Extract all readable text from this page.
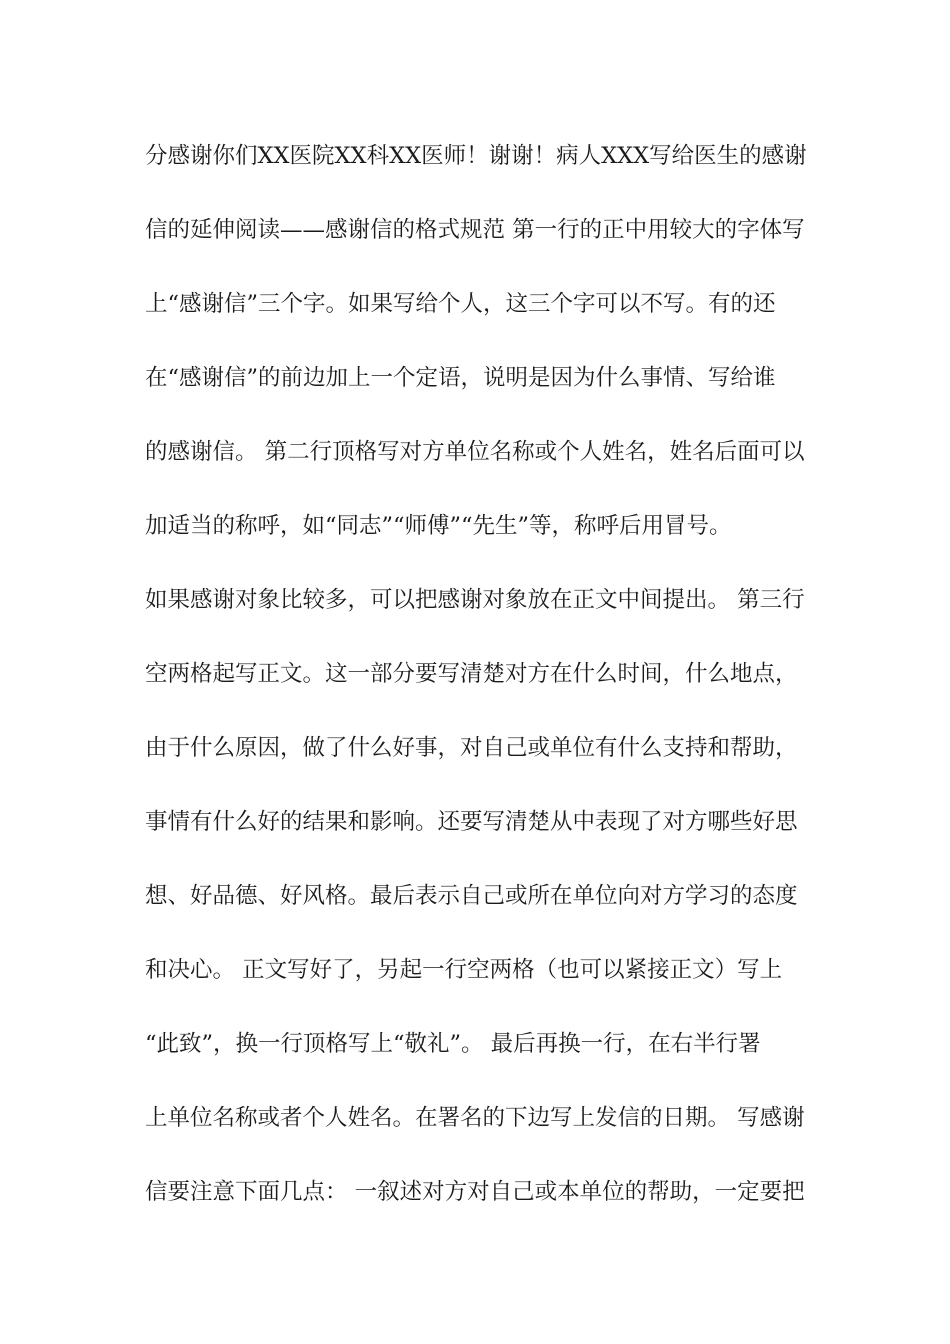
分感谢你们XX医院XX科XX医师！谢谢！病人XXX写给医生的感谢
信的延伸阅读——感谢信的格式规范 第一行的正中用较大的字体写
上“感谢信”三个字。如果写给个人，这三个字可以不写。有的还
在“感谢信”的前边加上一个定语，说明是因为什么事情、写给谁
的感谢信。 第二行顶格写对方单位名称或个人姓名，姓名后面可以
加适当的称呼，如“同志”“师傅”“先生”等，称呼后用冒号。
如果感谢对象比较多，可以把感谢对象放在正文中间提出。 第三行
空两格起写正文。这一部分要写清楚对方在什么时间，什么地点，
由于什么原因，做了什么好事，对自己或单位有什么支持和帮助，
事情有什么好的结果和影响。还要写清楚从中表现了对方哪些好思
想、好品德、好风格。最后表示自己或所在单位向对方学习的态度
和决心。 正文写好了，另起一行空两格（也可以紧接正文）写上
“此致”，换一行顶格写上“敬礼”。 最后再换一行，在右半行署
上单位名称或者个人姓名。在署名的下边写上发信的日期。 写感谢
信要注意下面几点： 一叙述对方对自己或本单位的帮助，一定要把
